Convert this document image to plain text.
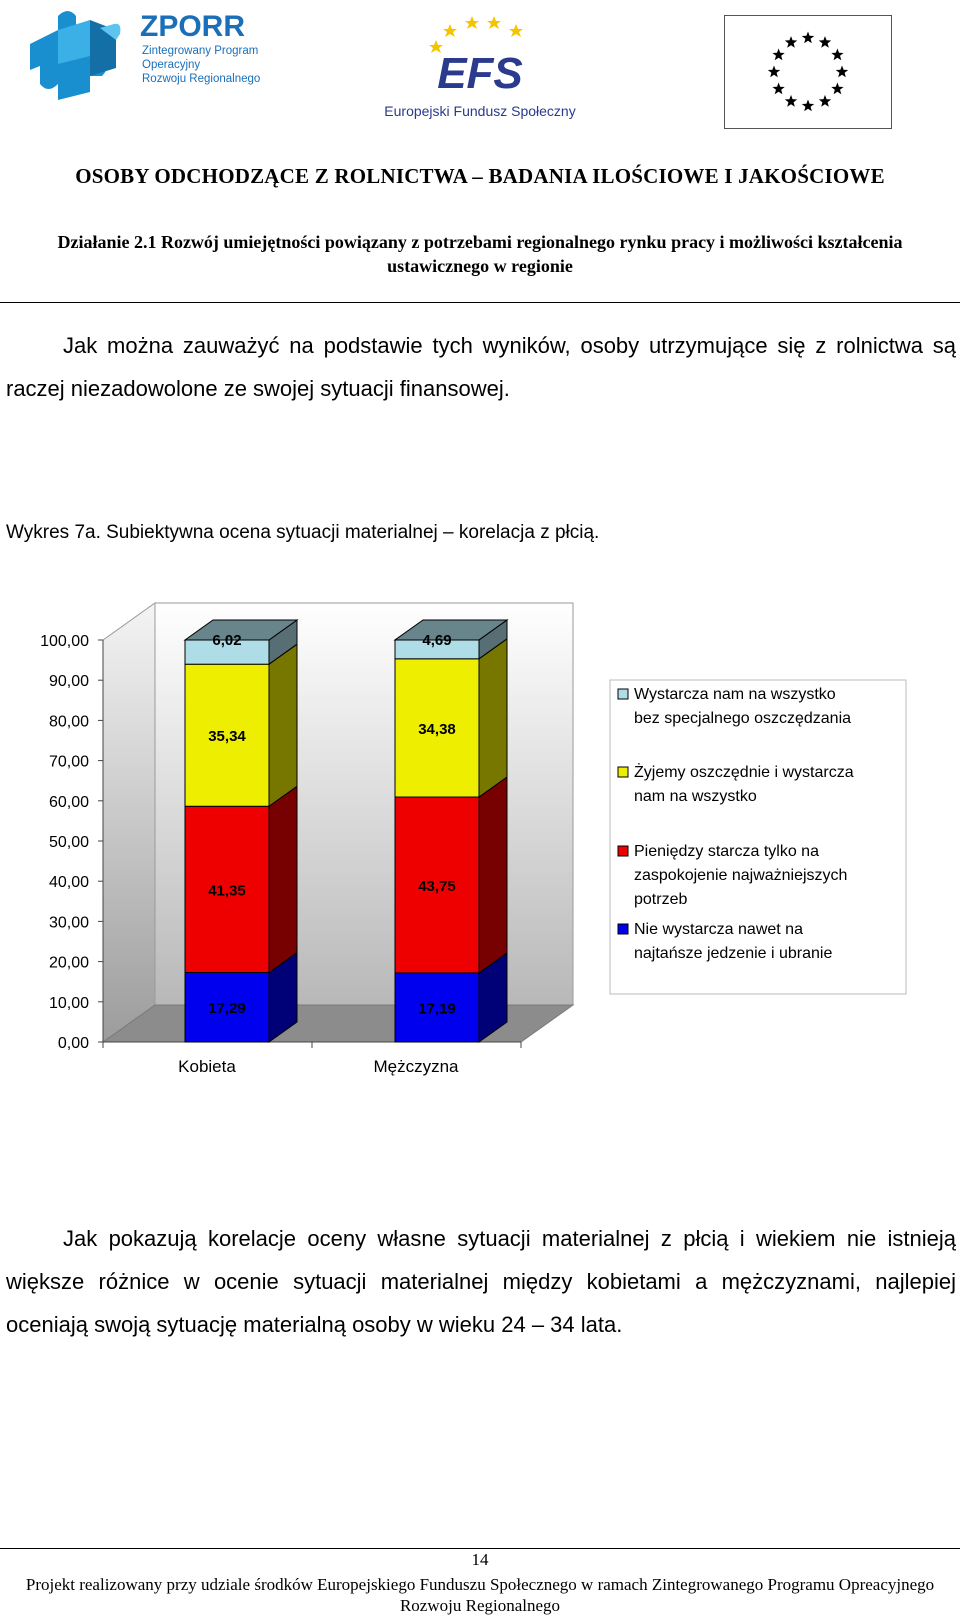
ZPORR
Zintegrowany Program
Operacyjny
Rozwoju Regionalnego	EFS
Europejski Fundusz Społeczny
OSOBY ODCHODZĄCE Z ROLNICTWA – BADANIA ILOŚCIOWE I JAKOŚCIOWE
Działanie 2.1 Rozwój umiejętności powiązany z potrzebami regionalnego rynku pracy i możliwości kształcenia ustawicznego w regionie
Jak można zauważyć na podstawie tych wyników, osoby utrzymujące się z rolnictwa są raczej niezadowolone ze swojej sytuacji finansowej.
Wykres 7a. Subiektywna ocena sytuacji materialnej – korelacja z płcią.
0,00
10,00
20,00
30,00
40,00
50,00
60,00
70,00
80,00
90,00
100,00
17,29
41,35
35,34
6,02
Kobieta
17,19
43,75
34,38
4,69
Mężczyzna
Wystarcza nam na wszystko
bez specjalnego oszczędzania
Żyjemy oszczędnie i wystarcza
nam na wszystko
Pieniędzy starcza tylko na
zaspokojenie najważniejszych
potrzeb
Nie wystarcza nawet na
najtańsze jedzenie i ubranie
Jak pokazują korelacje oceny własne sytuacji materialnej z płcią i wiekiem nie istnieją większe różnice w ocenie sytuacji materialnej między kobietami a mężczyznami, najlepiej oceniają swoją sytuację materialną osoby w wieku 24 – 34 lata.
14
Projekt realizowany przy udziale środków Europejskiego Funduszu Społecznego w ramach Zintegrowanego Programu Opreacyjnego Rozwoju Regionalnego
